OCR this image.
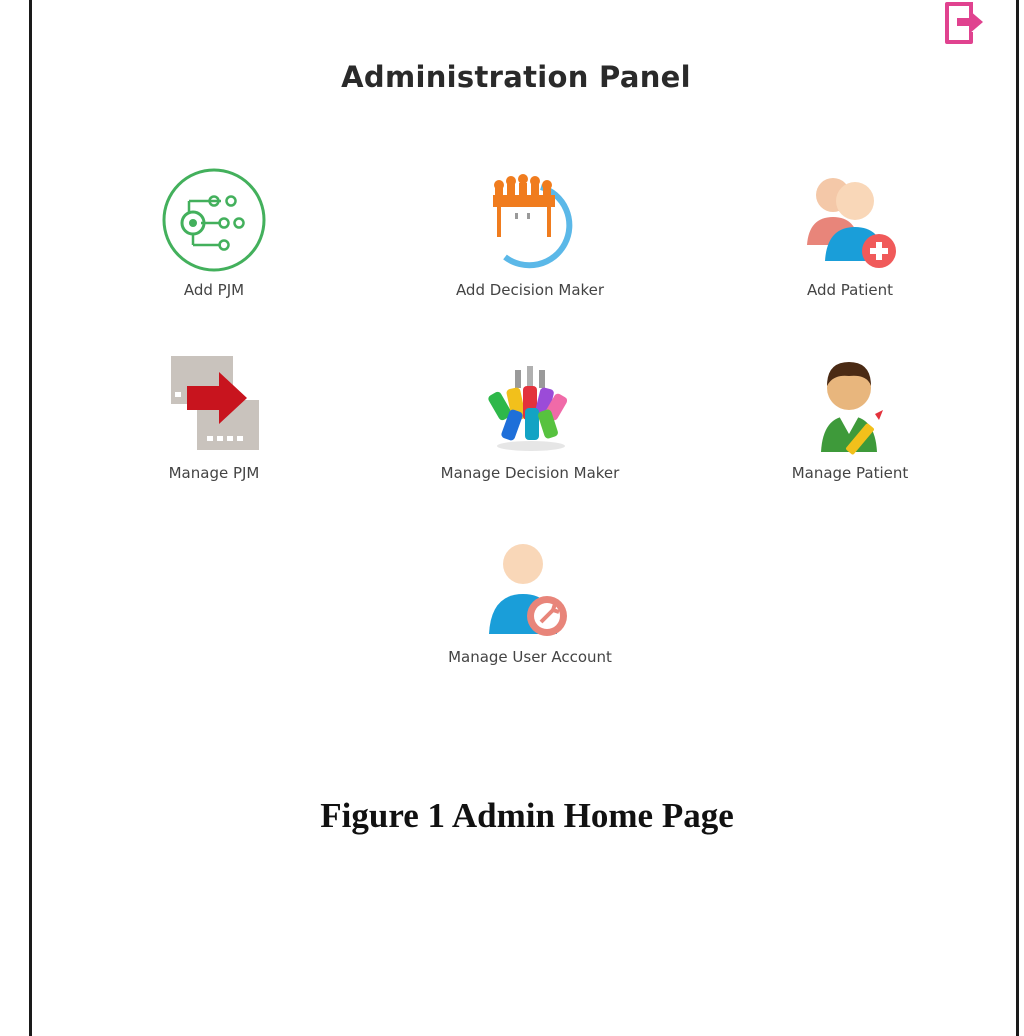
Administration Panel
Add PJM	Add Decision Maker	Add Patient
Manage PJM	Manage Decision Maker	Manage Patient
Manage User Account
Figure 1 Admin Home Page
